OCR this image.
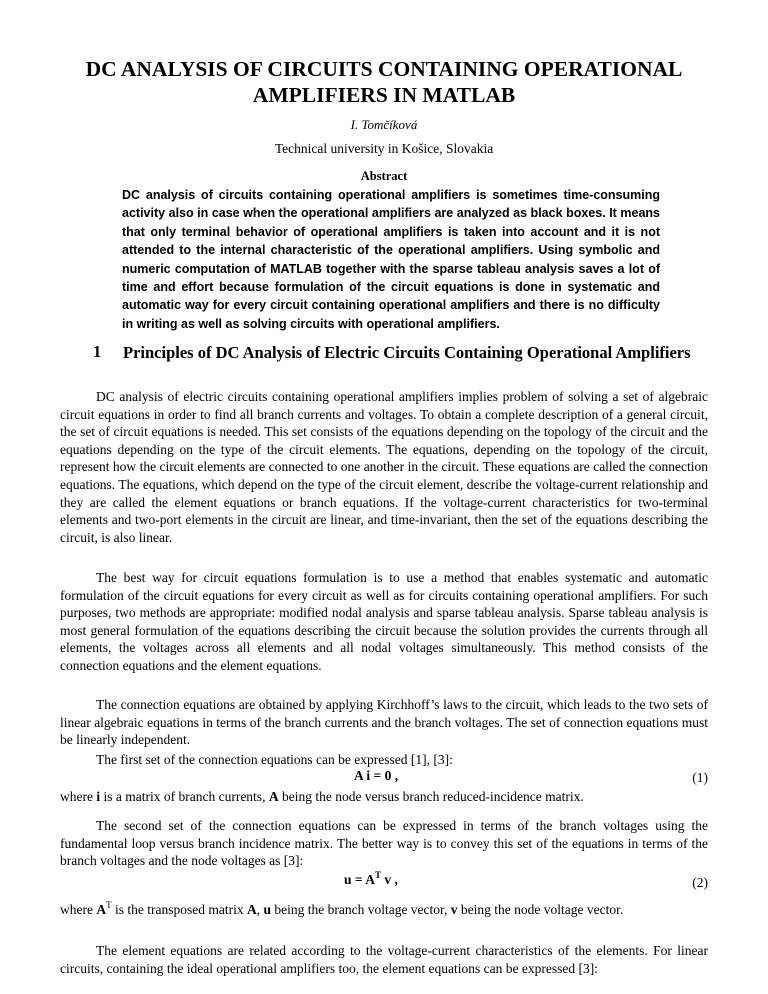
DC ANALYSIS OF CIRCUITS CONTAINING OPERATIONAL AMPLIFIERS IN MATLAB
I. Tomčíková
Technical university in Košice, Slovakia
Abstract
DC analysis of circuits containing operational amplifiers is sometimes time-consuming activity also in case when the operational amplifiers are analyzed as black boxes. It means that only terminal behavior of operational amplifiers is taken into account and it is not attended to the internal characteristic of the operational amplifiers. Using symbolic and numeric computation of MATLAB together with the sparse tableau analysis saves a lot of time and effort because formulation of the circuit equations is done in systematic and automatic way for every circuit containing operational amplifiers and there is no difficulty in writing as well as solving circuits with operational amplifiers.
1 Principles of DC Analysis of Electric Circuits Containing Operational Amplifiers
DC analysis of electric circuits containing operational amplifiers implies problem of solving a set of algebraic circuit equations in order to find all branch currents and voltages. To obtain a complete description of a general circuit, the set of circuit equations is needed. This set consists of the equations depending on the topology of the circuit and the equations depending on the type of the circuit elements. The equations, depending on the topology of the circuit, represent how the circuit elements are connected to one another in the circuit. These equations are called the connection equations. The equations, which depend on the type of the circuit element, describe the voltage-current relationship and they are called the element equations or branch equations. If the voltage-current characteristics for two-terminal elements and two-port elements in the circuit are linear, and time-invariant, then the set of the equations describing the circuit, is also linear.
The best way for circuit equations formulation is to use a method that enables systematic and automatic formulation of the circuit equations for every circuit as well as for circuits containing operational amplifiers. For such purposes, two methods are appropriate: modified nodal analysis and sparse tableau analysis. Sparse tableau analysis is most general formulation of the equations describing the circuit because the solution provides the currents through all elements, the voltages across all elements and all nodal voltages simultaneously. This method consists of the connection equations and the element equations.
The connection equations are obtained by applying Kirchhoff’s laws to the circuit, which leads to the two sets of linear algebraic equations in terms of the branch currents and the branch voltages. The set of connection equations must be linearly independent.
The first set of the connection equations can be expressed [1], [3]:
A i = 0 ,	(1)
where i is a matrix of branch currents, A being the node versus branch reduced-incidence matrix.
The second set of the connection equations can be expressed in terms of the branch voltages using the fundamental loop versus branch incidence matrix. The better way is to convey this set of the equations in terms of the branch voltages and the node voltages as [3]:
$u = A^T$ v ,	(2)
where $A^T$ is the transposed matrix A, u being the branch voltage vector, v being the node voltage vector.
The element equations are related according to the voltage-current characteristics of the elements. For linear circuits, containing the ideal operational amplifiers too, the element equations can be expressed [3]:
